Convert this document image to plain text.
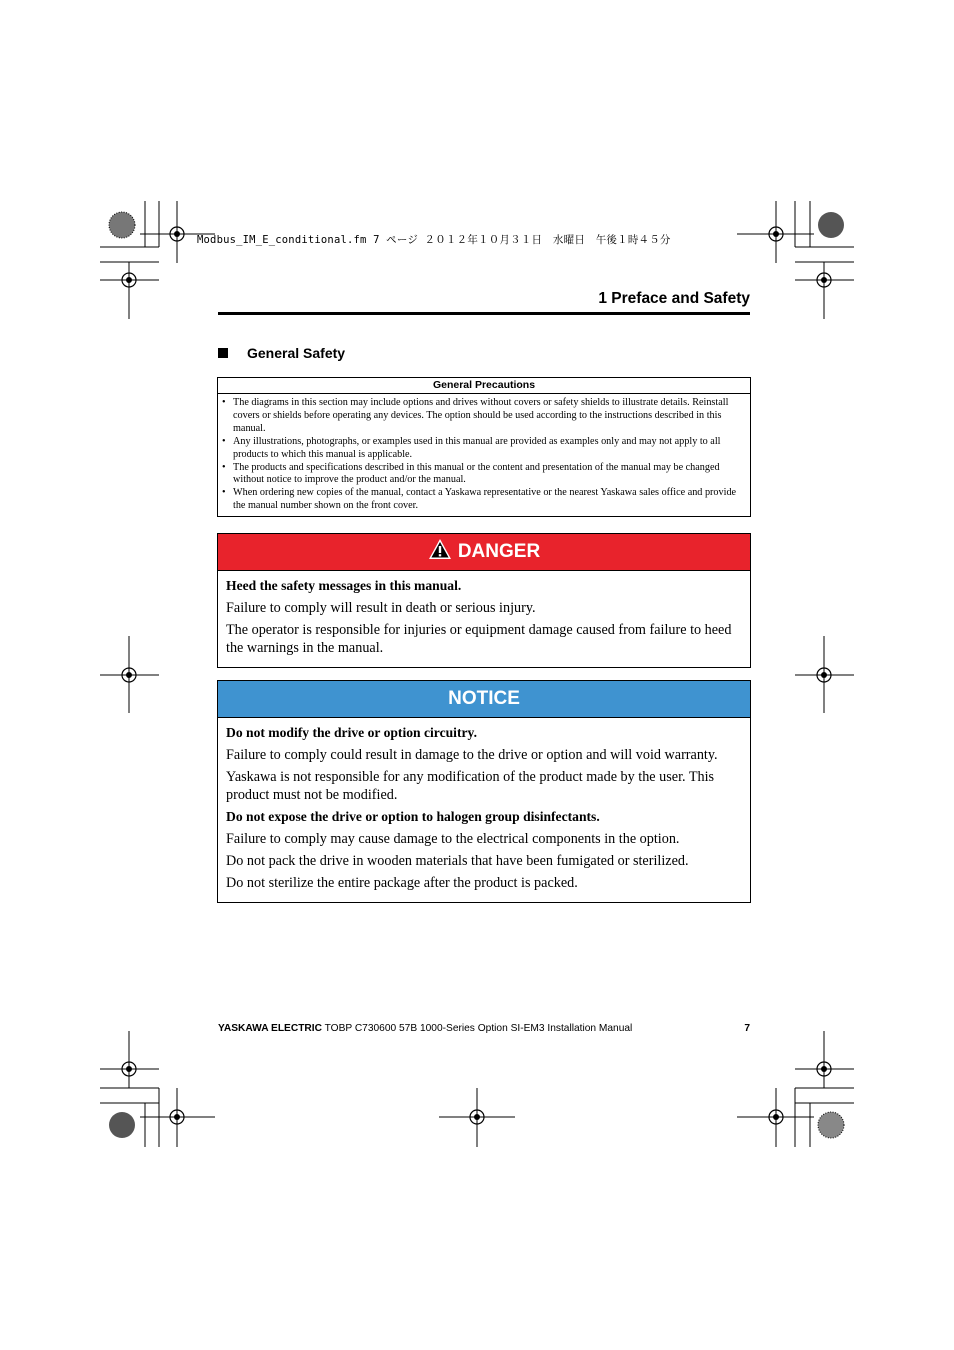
Modbus_IM_E_conditional.fm 7 ページ ２０１２年１０月３１日　水曜日　午後１時４５分
1 Preface and Safety
General Safety
General Precautions
• The diagrams in this section may include options and drives without covers or safety shields to illustrate details. Reinstall covers or shields before operating any devices. The option should be used according to the instructions described in this manual.
• Any illustrations, photographs, or examples used in this manual are provided as examples only and may not apply to all products to which this manual is applicable.
• The products and specifications described in this manual or the content and presentation of the manual may be changed without notice to improve the product and/or the manual.
• When ordering new copies of the manual, contact a Yaskawa representative or the nearest Yaskawa sales office and provide the manual number shown on the front cover.
DANGER

Heed the safety messages in this manual.

Failure to comply will result in death or serious injury.

The operator is responsible for injuries or equipment damage caused from failure to heed the warnings in the manual.

NOTICE

Do not modify the drive or option circuitry.

Failure to comply could result in damage to the drive or option and will void warranty.

Yaskawa is not responsible for any modification of the product made by the user. This product must not be modified.

Do not expose the drive or option to halogen group disinfectants.

Failure to comply may cause damage to the electrical components in the option.

Do not pack the drive in wooden materials that have been fumigated or sterilized.

Do not sterilize the entire package after the product is packed.

YASKAWA ELECTRIC TOBP C730600 57B 1000-Series Option SI-EM3 Installation Manual	7
